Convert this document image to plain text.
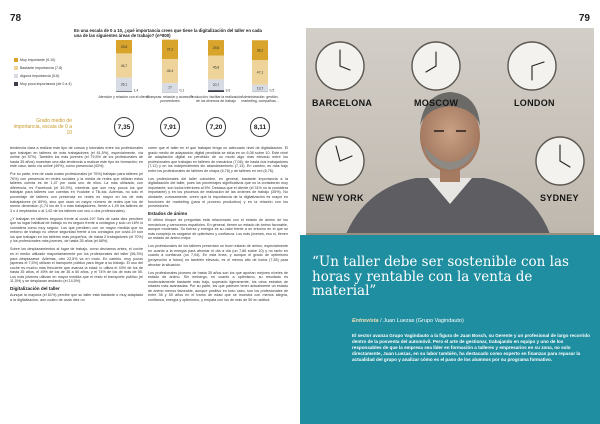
78
En una escala de 0 a 10, ¿qué importancia crees que tiene la digitalización del taller en cada una de las siguientes áreas de trabajo? (n=800)
Muy importante (9-10)
Bastante importancia (7-8)
Alguna importancia (5-6)
Muy poca importancia (de 0 a 4)
1,4
26,1
46,7
25,8
0,1
17
46,4
37,2
3,6
20,7
45,8
29,8
0,5
13,7
47,1
38,2
Atención y relación con el cliente
Compras: relación y acceso a proveedores
Producción: facilitar la realización de los diversos de trabajo
Administración: gestión, marketing, compañías...
Grado medio de importancia, escala de 0 a 10
7,35	7,91	7,20	8,11

tendencia clara a realizar este tipo de cursos y tutoriales entre los profesionales que trabajan en talleres de más trabajadores (el 61,5%), especialmente, vía online (el 57%). También los más jóvenes (el 79,5% de los profesionales de hasta 35 años) muestran una alta tendencia a realizar este tipo de formación; en este caso, tanto vía online (49%), como presencial (43%).

Por su parte, tres de cada cuatro profesionales (el 76%) trabajan para talleres (el 76%) con presencia en redes sociales y la media de redes que utilizan estos talleres cuenta es de 1,47 por cada uno de ellos. La más utilizada, con diferencia, es Facebook (el 49,3%), mientras que son muy pocos los que trabajan para talleres con cuentas en Youtube o Tik-tok. Además, no solo el porcentaje de talleres con presencia en redes es mayor en los de más trabajadores (el 89%), sino que usan un mayor número de redes que los de menor dimensión (1,74 los de 5 o más trabajadores, frente a 1,49 los talleres de 3 o 4 empleados o al 1,62 de los talleres con uno o dos profesionales).

¿Y trabajan en talleres seguros frente al covid-19? Seis de cada diez perciben que su lugar habitual de trabajo no es seguro frente a contagios y solo un 16% lo considera como muy seguro. Los que perciben con un mayor medida que su entorno de trabajo no ofrece seguridad frente a los contagios por covid-19 son los que trabajan en los talleres más pequeños, de hasta 2 trabajadores (el 70%) y los profesionales más jóvenes, de hasta 35 años (el 68%).

Sobre los desplazamientos al lugar de trabajo, como decíamos antes, el coche es el medio utilizado mayoritariamente por los profesionales del taller (56,3%) para desplazarse. Además, otro 22,5% va en moto. En cambio, muy pocos (apenas el 7,5%) utilizan el transporte público para llegar a su trabajo. El uso del coche es mucho más frecuente que avanza la edad: lo utiliza el 40% de los de hasta 35 años, el 49% de los de 36 a 50 años, y el 74% de los de más de 50. Los más jóvenes utilizan en mayor medida que el resto el transporte público (el 11,5%) y se desplazan andando (el 14,5%).

Digitalización del taller

Aunque la mayoría (el 61%) percibe que su taller está bastante o muy adaptado a la digitalización, aún cuatro de cada diez no

creen que el taller en el que trabajan tenga un adecuado nivel de digitalización. El grado medio de adaptación digital percibida se sitúa en un 6,08 sobre 10. Este nivel de adaptación digital es percibido de un modo algo más elevado entre los profesionales que trabajan en talleres de mecánica (7,06), de hasta dos trabajadores (7,12) y en los independientes sin abanderamiento (7,13). En cambio, es más bajo entre los profesionales de talleres de chapa (6,76) y de talleres en red (6,76).

Los profesionales del taller coinciden, en general, bastante importancia a la digitalización del taller, pues los porcentajes significativos que no la consideran muy importante, son todos inferiores al 5%. Destaca que el cliente (el 31% no la considera importante) y en los procesos de realización de las órdenes de trabajo (35%). No obstante, curiosamente, creen que la importancia de la digitalización es mayor en funciones de marketing (para el proceso productivo) y en la relación con los proveedores.

Estados de ánimo

El último bloque de preguntas está relacionado con el estado de ánimo de los mecánicos y carroceros españoles. En general, tienen un estado de ánimo favorable, aunque moderado. Su fuerza y energía es su valor frente a un entorno en el que se más complejo es cargarse de optimismo y confianza. Los más jóvenes, eso sí, tienen un estado de ánimo mejor.

Los profesionales de los talleres presentan un buen estado de ánimo, especialmente en cuanto a la energía para afrontar el día a día (un 7,86 sobre 10) y no tanto en cuanto a confianza (un 7,04). En esta línea, y aunque el grado de optimismo (proyección a futuro) es también elevado, es el menos alto de todos (7,55) para afrontar la situación.

Los profesionales jóvenes de hasta 35 años son los que aportan mejores niveles de estado de ánimo. Sin embargo, en cuanto a optimismo, su resultado es moderadamente bastante más bajo, superado ligeramente, los otros estratos de edades más avanzadas. Por su parte, los que parecen tener actualmente un estado de ánimo menos favorable, aunque positivo en todo caso, son los profesionales de entre 36 y 50 años en el tramo de edad que se muestra con menos alegría, confianza, energía y optimismo, y empata con los de más de 50 en actitud.

79
BARCELONA	MOSCOW	LONDON
NEW YORK	SYDNEY
“Un taller debe ser sostenible con las horas y rentable con la venta de material”
Entrevista / Juan Luezas (Grupo Vagindauto)
El sector avanza Grupo Vagindauto a la figura de Juan Bosch, su Gerente y un profesional de largo recorrido dentro de la posventa del automóvil. Pero el arte de gestionar, trabajando en equipo y uno de los responsables de que la empresa sea líder en formación a talleres y empresarios en su zona, no solo directamente, Juan Luezas, en su labor también, ha destacado como experto en finanzas para repasar la actualidad del grupo y analizar cómo es el paso de los alumnos por su programa formativo.
